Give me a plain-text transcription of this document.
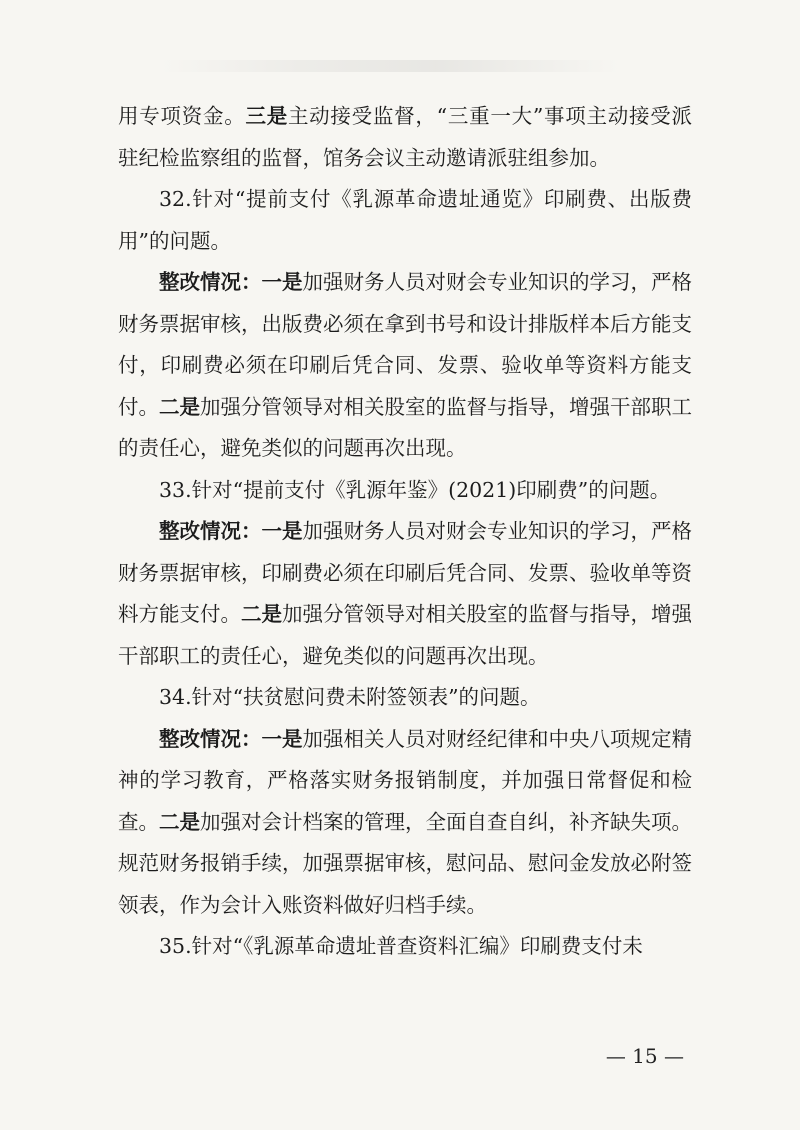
用专项资金。三是主动接受监督，“三重一大”事项主动接受派驻纪检监察组的监督，馆务会议主动邀请派驻组参加。

32.针对“提前支付《乳源革命遗址通览》印刷费、出版费用”的问题。

整改情况：一是加强财务人员对财会专业知识的学习，严格财务票据审核，出版费必须在拿到书号和设计排版样本后方能支付，印刷费必须在印刷后凭合同、发票、验收单等资料方能支付。二是加强分管领导对相关股室的监督与指导，增强干部职工的责任心，避免类似的问题再次出现。

33.针对“提前支付《乳源年鉴》(2021)印刷费”的问题。

整改情况：一是加强财务人员对财会专业知识的学习，严格财务票据审核，印刷费必须在印刷后凭合同、发票、验收单等资料方能支付。二是加强分管领导对相关股室的监督与指导，增强干部职工的责任心，避免类似的问题再次出现。

34.针对“扶贫慰问费未附签领表”的问题。

整改情况：一是加强相关人员对财经纪律和中央八项规定精神的学习教育，严格落实财务报销制度，并加强日常督促和检查。二是加强对会计档案的管理，全面自查自纠，补齐缺失项。规范财务报销手续，加强票据审核，慰问品、慰问金发放必附签领表，作为会计入账资料做好归档手续。

35.针对“《乳源革命遗址普查资料汇编》印刷费支付未

— 15 —
